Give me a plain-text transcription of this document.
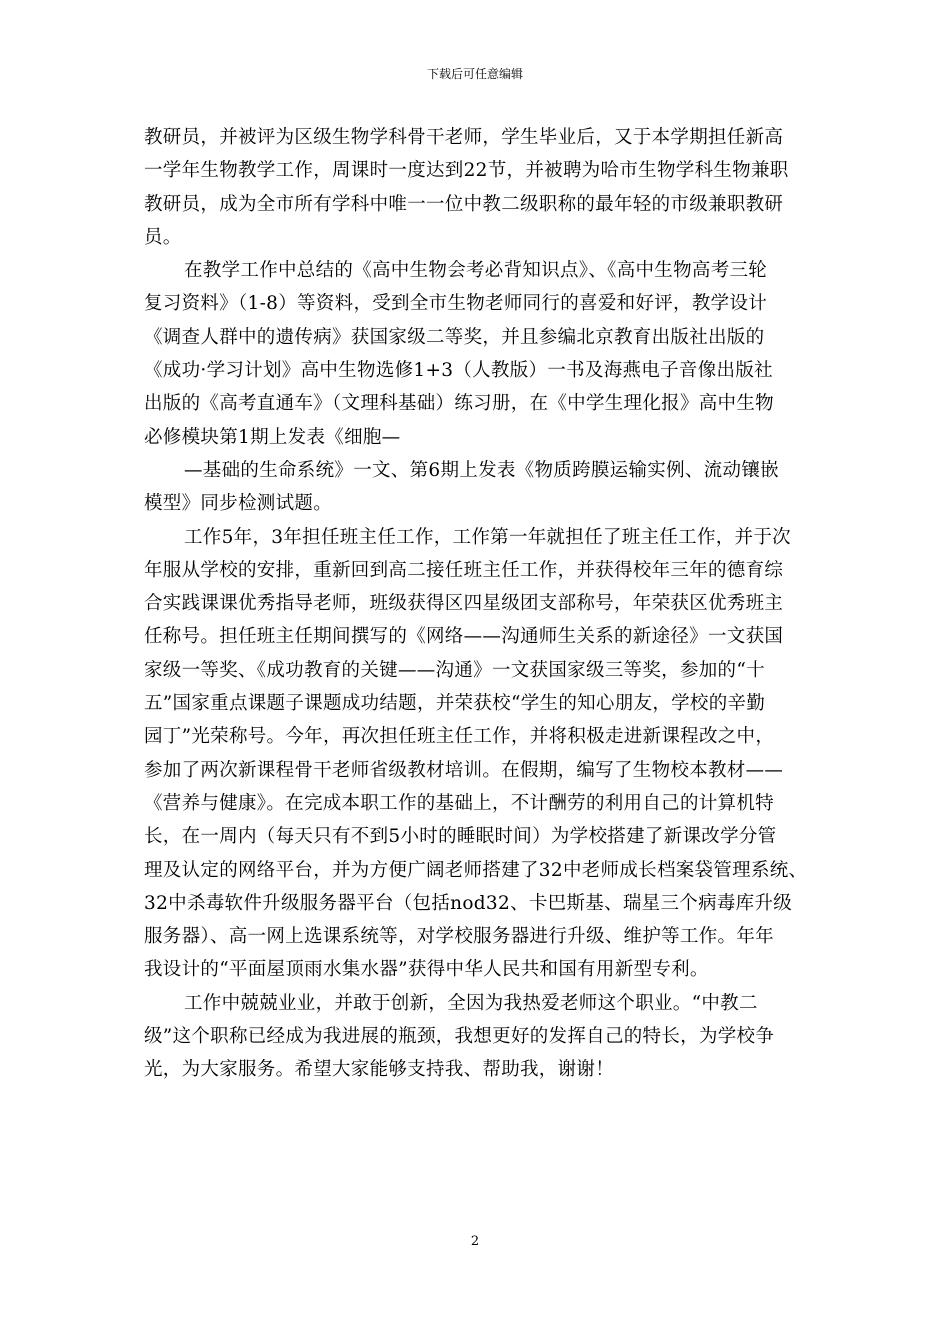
下载后可任意编辑
教研员，并被评为区级生物学科骨干老师，学生毕业后，又于本学期担任新高
一学年生物教学工作，周课时一度达到22节，并被聘为哈市生物学科生物兼职
教研员，成为全市所有学科中唯一一位中教二级职称的最年轻的市级兼职教研
员。
在教学工作中总结的《高中生物会考必背知识点》、《高中生物高考三轮
复习资料》（1-8）等资料，受到全市生物老师同行的喜爱和好评，教学设计
《调查人群中的遗传病》获国家级二等奖，并且参编北京教育出版社出版的
《成功·学习计划》高中生物选修1+3（人教版）一书及海燕电子音像出版社
出版的《高考直通车》（文理科基础）练习册，在《中学生理化报》高中生物
必修模块第1期上发表《细胞—
—基础的生命系统》一文、第6期上发表《物质跨膜运输实例、流动镶嵌
模型》同步检测试题。
工作5年，3年担任班主任工作，工作第一年就担任了班主任工作，并于次
年服从学校的安排，重新回到高二接任班主任工作，并获得校年三年的德育综
合实践课课优秀指导老师，班级获得区四星级团支部称号，年荣获区优秀班主
任称号。担任班主任期间撰写的《网络——沟通师生关系的新途径》一文获国
家级一等奖、《成功教育的关键——沟通》一文获国家级三等奖，参加的“十
五”国家重点课题子课题成功结题，并荣获校“学生的知心朋友，学校的辛勤
园丁”光荣称号。今年，再次担任班主任工作，并将积极走进新课程改之中，
参加了两次新课程骨干老师省级教材培训。在假期，编写了生物校本教材——
《营养与健康》。在完成本职工作的基础上，不计酬劳的利用自己的计算机特
长，在一周内（每天只有不到5小时的睡眠时间）为学校搭建了新课改学分管
理及认定的网络平台，并为方便广阔老师搭建了32中老师成长档案袋管理系统、
32中杀毒软件升级服务器平台（包括nod32、卡巴斯基、瑞星三个病毒库升级
服务器）、高一网上选课系统等，对学校服务器进行升级、维护等工作。年年
我设计的“平面屋顶雨水集水器”获得中华人民共和国有用新型专利。
工作中兢兢业业，并敢于创新，全因为我热爱老师这个职业。“中教二
级”这个职称已经成为我进展的瓶颈，我想更好的发挥自己的特长，为学校争
光，为大家服务。希望大家能够支持我、帮助我，谢谢！
2
